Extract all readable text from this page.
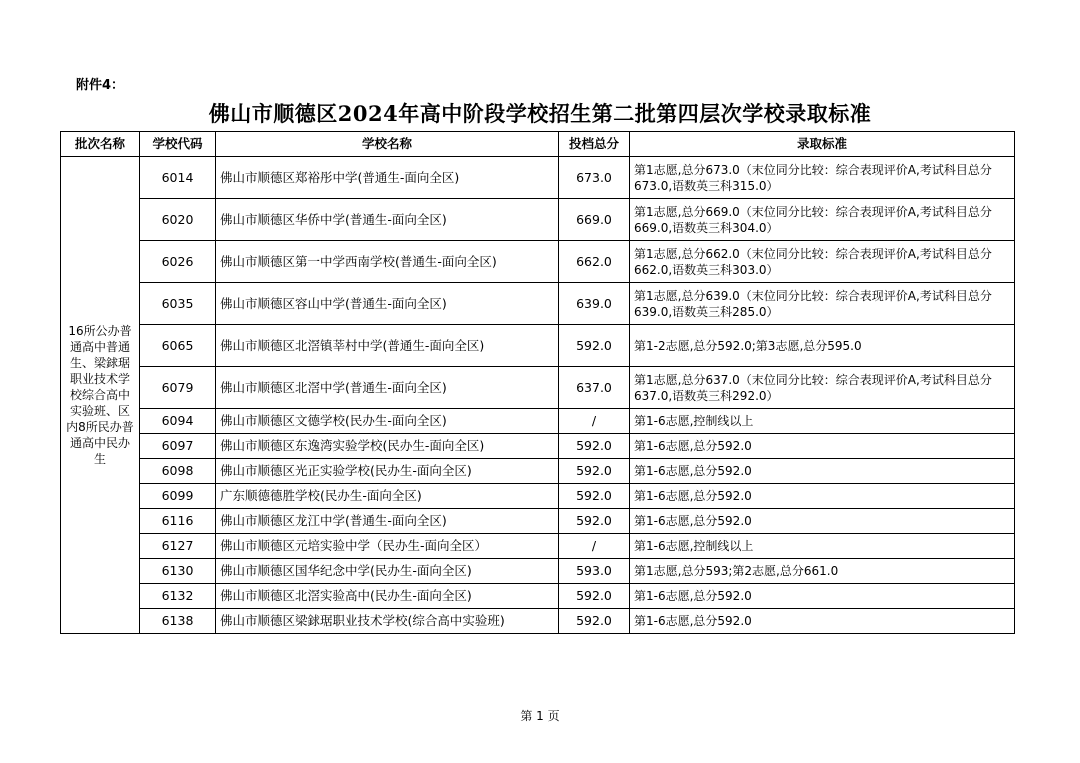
附件4：
佛山市顺德区2024年高中阶段学校招生第二批第四层次学校录取标准
批次名称	学校代码	学校名称	投档总分	录取标准
16所公办普通高中普通生、梁銶琚职业技术学校综合高中实验班、区内8所民办普通高中民办生	6014	佛山市顺德区郑裕彤中学(普通生-面向全区)	673.0	第1志愿,总分673.0（末位同分比较：综合表现评价A,考试科目总分673.0,语数英三科315.0）
	6020	佛山市顺德区华侨中学(普通生-面向全区)	669.0	第1志愿,总分669.0（末位同分比较：综合表现评价A,考试科目总分669.0,语数英三科304.0）
	6026	佛山市顺德区第一中学西南学校(普通生-面向全区)	662.0	第1志愿,总分662.0（末位同分比较：综合表现评价A,考试科目总分662.0,语数英三科303.0）
	6035	佛山市顺德区容山中学(普通生-面向全区)	639.0	第1志愿,总分639.0（末位同分比较：综合表现评价A,考试科目总分639.0,语数英三科285.0）
	6065	佛山市顺德区北滘镇莘村中学(普通生-面向全区)	592.0	第1-2志愿,总分592.0;第3志愿,总分595.0
	6079	佛山市顺德区北滘中学(普通生-面向全区)	637.0	第1志愿,总分637.0（末位同分比较：综合表现评价A,考试科目总分637.0,语数英三科292.0）
	6094	佛山市顺德区文德学校(民办生-面向全区)	/	第1-6志愿,控制线以上
	6097	佛山市顺德区东逸湾实验学校(民办生-面向全区)	592.0	第1-6志愿,总分592.0
	6098	佛山市顺德区光正实验学校(民办生-面向全区)	592.0	第1-6志愿,总分592.0
	6099	广东顺德德胜学校(民办生-面向全区)	592.0	第1-6志愿,总分592.0
	6116	佛山市顺德区龙江中学(普通生-面向全区)	592.0	第1-6志愿,总分592.0
	6127	佛山市顺德区元培实验中学（民办生-面向全区）	/	第1-6志愿,控制线以上
	6130	佛山市顺德区国华纪念中学(民办生-面向全区)	593.0	第1志愿,总分593;第2志愿,总分661.0
	6132	佛山市顺德区北滘实验高中(民办生-面向全区)	592.0	第1-6志愿,总分592.0
	6138	佛山市顺德区梁銶琚职业技术学校(综合高中实验班)	592.0	第1-6志愿,总分592.0
第 1 页
